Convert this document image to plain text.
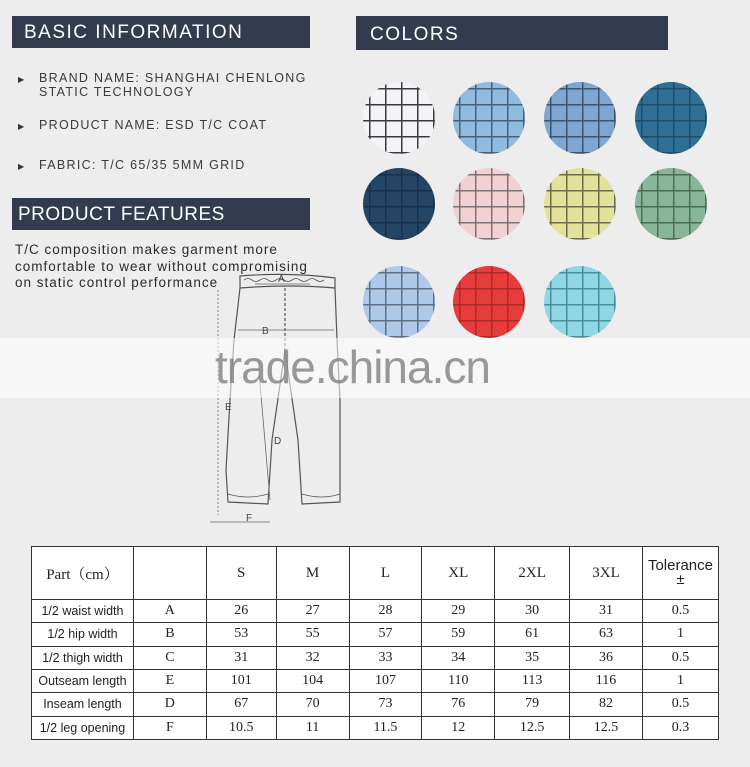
BASIC INFORMATION	COLORS
▶ BRAND NAME: SHANGHAI CHENLONG
STATIC TECHNOLOGY
▶ PRODUCT NAME: ESD T/C COAT
▶ FABRIC: T/C 65/35 5MM GRID
PRODUCT FEATURES
T/C composition makes garment more
comfortable to wear without compromising
on static control performance	A
B
E
D
F
trade.china.cn
Part（cm）		S	M	L	XL	2XL	3XL	Tolerance
±

1/2 waist width	A	26	27	28	29	30	31	0.5
1/2 hip width	B	53	55	57	59	61	63	1
1/2 thigh width	C	31	32	33	34	35	36	0.5
Outseam length	E	101	104	107	110	113	116	1
Inseam length	D	67	70	73	76	79	82	0.5
1/2 leg opening	F	10.5	11	11.5	12	12.5	12.5	0.3
